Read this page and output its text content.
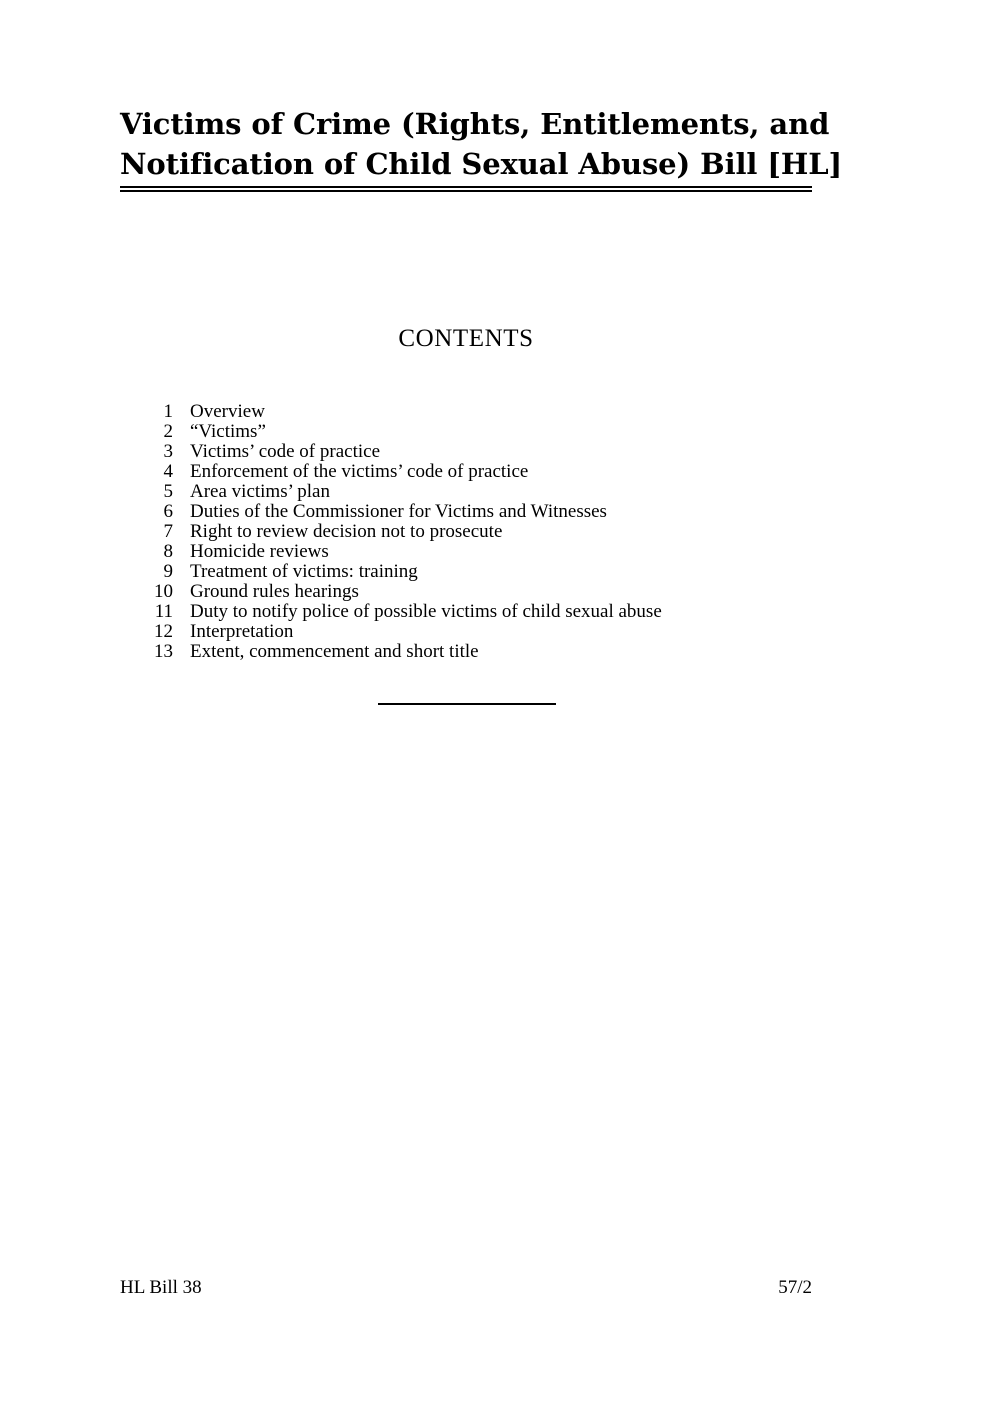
Victims of Crime (Rights, Entitlements, and
Notification of Child Sexual Abuse) Bill [HL]
CONTENTS
1 Overview
2 “Victims”
3 Victims’ code of practice
4 Enforcement of the victims’ code of practice
5 Area victims’ plan
6 Duties of the Commissioner for Victims and Witnesses
7 Right to review decision not to prosecute
8 Homicide reviews
9 Treatment of victims: training
10 Ground rules hearings
11 Duty to notify police of possible victims of child sexual abuse
12 Interpretation
13 Extent, commencement and short title
HL Bill 38	57/2
